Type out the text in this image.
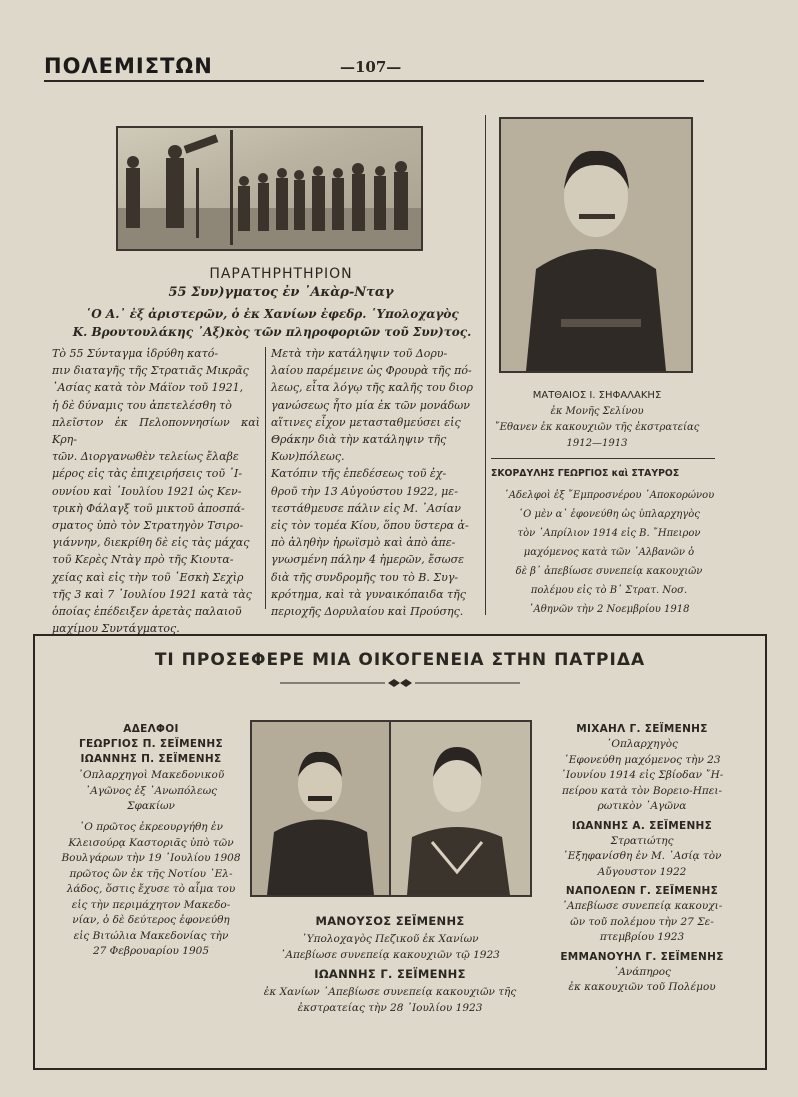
ΠΟΛΕΜΙΣΤΩΝ	—107—
ΠΑΡΑΤΗΡΗΤΗΡΙΟΝ
55 Συν)γματος ἐν ᾿Ακὰρ-Νταγ
῾Ο Α.᾿ ἐξ ἀριστερῶν, ὁ ἐκ Χανίων ἐφεδρ. ῾Υπολοχαγὸς
Κ. Βρουτουλάκης ᾿Αξ)κὸς τῶν πληροφοριῶν τοῦ Συν)τος.

Τὸ 55 Σύνταγμα ἱδρύθη κατό-
πιν διαταγῆς τῆς Στρατιᾶς Μικρᾶς
᾿Ασίας κατὰ τὸν Μάϊον τοῦ 1921,
ἡ δὲ δύναμις του ἀπετελέσθη τὸ
πλεῖστον ἐκ Πελοποννησίων καὶ Κρη-
τῶν. Διοργανωθὲν τελείως ἔλαβε
μέρος εἰς τὰς ἐπιχειρήσεις τοῦ ᾿Ι-
ουνίου καὶ ᾿Ιουλίου 1921 ὡς Κεν-
τρικὴ Φάλαγξ τοῦ μικτοῦ ἀποσπά-
σματος ὑπὸ τὸν Στρατηγὸν Τσιρο-
γιάννην, διεκρίθη δὲ εἰς τὰς μάχας
τοῦ Κερὲς Ντὰγ πρὸ τῆς Κιουτα-
χείας καὶ εἰς τὴν τοῦ ᾿Εσκὴ Σεχὶρ
τῆς 3 καὶ 7 ᾿Ιουλίου 1921 κατὰ τὰς
ὁποίας ἐπέδειξεν ἀρετὰς παλαιοῦ
μαχίμου Συντάγματος.

Μετὰ τὴν κατάληψιν τοῦ Δορυ-
λαίου παρέμεινε ὡς Φρουρὰ τῆς πό-
λεως, εἶτα λόγῳ τῆς καλῆς του διορ
γανώσεως ἦτο μία ἐκ τῶν μονάδων
αἵτινες εἶχον μετασταθμεύσει εἰς
Θράκην διὰ τὴν κατάληψιν τῆς
Κων)πόλεως.
Κατόπιν τῆς ἐπεδέσεως τοῦ ἐχ-
θροῦ τὴν 13 Αὐγούστου 1922, με-
τεστάθμευσε πάλιν εἰς Μ. ᾿Ασίαν
εἰς τὸν τομέα Κίου, ὅπου ὕστερα ἀ-
πὸ ἀληθὴν ἡρωϊσμὸ καὶ ἀπὸ ἀπε-
γνωσμένη πάλην 4 ἡμερῶν, ἔσωσε
διὰ τῆς συνδρομῆς του τὸ Β. Συγ-
κρότημα, καὶ τὰ γυναικόπαιδα τῆς
περιοχῆς Δορυλαίου καὶ Προύσης.

ΜΑΤΘΑΙΟΣ Ι. ΣΗΦΑΛΑΚΗΣ
ἐκ Μονῆς Σελίνου
῎Εθανεν ἐκ κακουχιῶν τῆς ἐκστρατείας
1912—1913
ΣΚΟΡΔΥΛΗΣ ΓΕΩΡΓΙΟΣ καὶ ΣΤΑΥΡΟΣ
᾿Αδελφοὶ ἐξ ῎Εμπροσνέρου ᾿Αποκορώνου
῾Ο μὲν α᾿ ἐφονεύθη ὡς ὑπλαρχηγὸς
τὸν ᾿Απρίλιον 1914 εἰς Β. ῎Ηπειρον
μαχόμενος κατὰ τῶν ᾿Αλβανῶν ὁ
δὲ β᾿ ἀπεβίωσε συνεπείᾳ κακουχιῶν
πολέμου εἰς τὸ Β᾿ Στρατ. Νοσ.
᾿Αθηνῶν τὴν 2 Νοεμβρίου 1918
ΤΙ ΠΡΟΣΕΦΕΡΕ ΜΙΑ ΟΙΚΟΓΕΝΕΙΑ ΣΤΗΝ ΠΑΤΡΙΔΑ
ΑΔΕΛΦΟΙ
ΓΕΩΡΓΙΟΣ Π. ΣΕΪΜΕΝΗΣ
ΙΩΑΝΝΗΣ Π. ΣΕΪΜΕΝΗΣ
᾿Οπλαρχηγοὶ Μακεδονικοῦ
᾿Αγῶνος ἐξ ᾿Ανωπόλεως
Σφακίων
῾Ο πρῶτος ἐκρεουργήθη ἐν
Κλεισούρᾳ Καστοριᾶς ὑπὸ τῶν
Βουλγάρων τὴν 19 ᾿Ιουλίου 1908
πρῶτος ὢν ἐκ τῆς Νοτίου ῾Ελ-
λάδος, ὅστις ἔχυσε τὸ αἷμα του
εἰς τὴν περιμάχητον Μακεδο-
νίαν, ὁ δὲ δεύτερος ἐφονεύθη
εἰς Βιτώλια Μακεδονίας τὴν
27 Φεβρουαρίου 1905
ΜΑΝΟΥΣΟΣ ΣΕΪΜΕΝΗΣ
῾Υπολοχαγὸς Πεζικοῦ ἐκ Χανίων
᾿Απεβίωσε συνεπείᾳ κακουχιῶν τῷ 1923
ΙΩΑΝΝΗΣ Γ. ΣΕΪΜΕΝΗΣ
ἐκ Χανίων ᾿Απεβίωσε συνεπείᾳ κακουχιῶν τῆς
ἐκστρατείας τὴν 28 ᾿Ιουλίου 1923
ΜΙΧΑΗΛ Γ. ΣΕΪΜΕΝΗΣ
᾿Οπλαρχηγὸς
᾿Εφονεύθη μαχόμενος τὴν 23
᾿Ιουνίου 1914 εἰς Σβίοδαν ῎Η-
πείρου κατὰ τὸν Βορειο-Ηπει-
ρωτικὸν ᾿Αγῶνα
ΙΩΑΝΝΗΣ Α. ΣΕΪΜΕΝΗΣ
Στρατιώτης
᾿Εξηφανίσθη ἐν Μ. ᾿Ασίᾳ τὸν
Αὔγουστον 1922
ΝΑΠΟΛΕΩΝ Γ. ΣΕΪΜΕΝΗΣ
᾿Απεβίωσε συνεπείᾳ κακουχι-
ῶν τοῦ πολέμου τὴν 27 Σε-
πτεμβρίου 1923
ΕΜΜΑΝΟΥΗΛ Γ. ΣΕΪΜΕΝΗΣ
᾿Ανάπηρος
ἐκ κακουχιῶν τοῦ Πολέμου
